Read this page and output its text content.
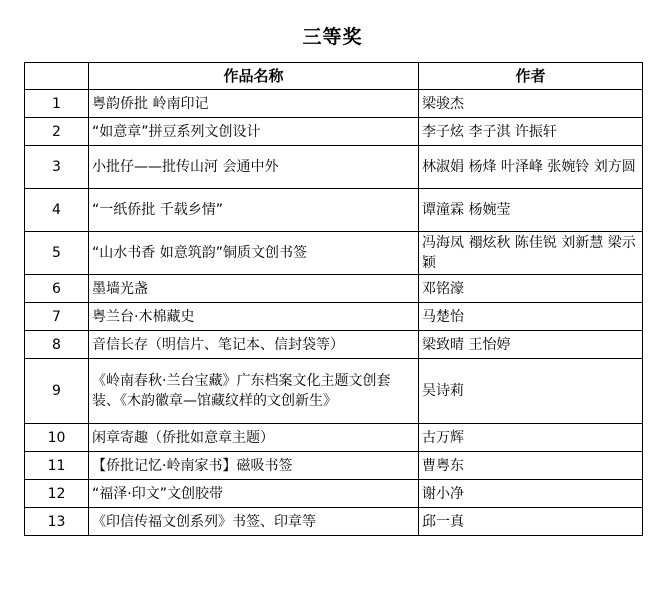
三等奖
	作品名称	作者
1	粤韵侨批 岭南印记	梁骏杰
2	“如意章”拼豆系列文创设计	李子炫 李子淇 许振轩
3	小批仔——批传山河 会通中外	林淑娟 杨烽 叶泽峰 张婉铃 刘方圆
4	“一纸侨批 千载乡情”	谭潼霖 杨婉莹
5	“山水书香 如意筑韵”铜质文创书签	冯海凤 禤炫秋 陈佳锐 刘新慧 梁示颖
6	墨墙光盏	邓铭濠
7	粤兰台·木棉藏史	马楚怡
8	音信长存（明信片、笔记本、信封袋等）	梁致晴 王怡婷
9	《岭南春秋·兰台宝藏》广东档案文化主题文创套装、《木韵徽章—馆藏纹样的文创新生》	吴诗莉
10	闲章寄趣（侨批如意章主题）	古万辉
11	【侨批记忆·岭南家书】磁吸书签	曹粤东
12	“福泽·印文”文创胶带	谢小净
13	《印信传福文创系列》书签、印章等	邱一真
